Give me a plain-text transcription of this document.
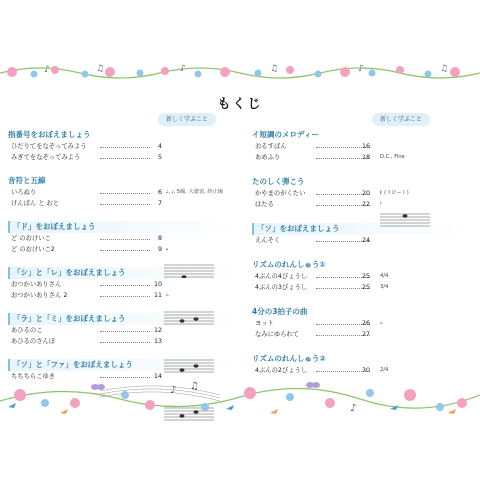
♪	♫	♪	♫	♪	♫
もくじ
新しく学ぶこと
指番号をおぼえましょう
ひだりてをなぞってみよう	4
みぎてをなぞってみよう	5
音符と五線
いろぬり	6 ♩, 𝅗𝅥, 5線, 大譜表, 終止線
けんばん と おと	7
「ド」をおぼえましょう
ど のおけいこ	8
ど のおけいこ2	9 𝅝
「シ」と「レ」をおぼえましょう
おつかいありさん	10
おつかいありさん 2	11 𝅗𝅥.
「ラ」と「ミ」をおぼえましょう
あひるのこ	12
あひるのさんぽ	13
「ソ」と「ファ」をおぼえましょう
ちちちらこゆき	14
新しく学ぶこと
イ短調のメロディー
おるすばん	16
あめふり	18 D.C., Fine
たのしく弾こう
かやまのがくたい	20 𝄆 (リピート)
ほたる	22 𝄽
「ソ」をおぼえましょう
えんそく	24
リズムのれんしゅう①
4ぶんの4びょうし	25 4/4
4ぶんの3びょうし	25 3/4
4分の3拍子の曲
ヨット	26 𝅗𝅥.
なみにゆられて	27
リズムのれんしゅう②
4ぶんの2びょうし	30 2/4
♪ ♫
♪
